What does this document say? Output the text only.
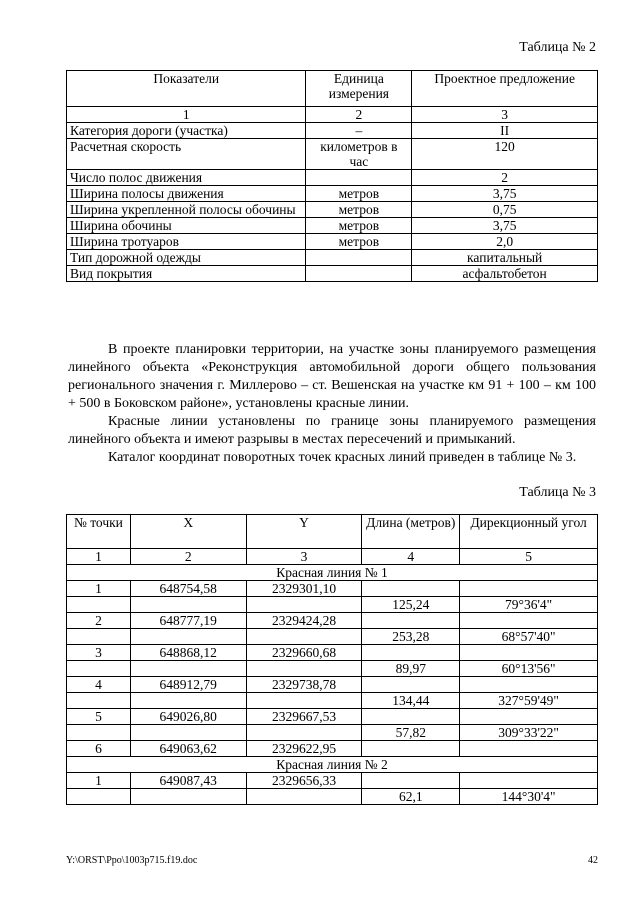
Таблица № 2
Показатели	Единица измерения	Проектное предложение
1	2	3
Категория дороги (участка)	–	II
Расчетная скорость	километров в час	120
Число полос движения		2
Ширина полосы движения	метров	3,75
Ширина укрепленной полосы обочины	метров	0,75
Ширина обочины	метров	3,75
Ширина тротуаров	метров	2,0
Тип дорожной одежды		капитальный
Вид покрытия		асфальтобетон
В проекте планировки территории, на участке зоны планируемого размещения линейного объекта «Реконструкция автомобильной дороги общего пользования регионального значения г. Миллерово – ст. Вешенская на участке км 91 + 100 – км 100 + 500 в Боковском районе», установлены красные линии.
Красные линии установлены по границе зоны планируемого размещения линейного объекта и имеют разрывы в местах пересечений и примыканий.
Каталог координат поворотных точек красных линий приведен в таблице № 3.
Таблица № 3
№ точки	X	Y	Длина (метров)	Дирекционный угол
1	2	3	4	5
Красная линия № 1				
1	648754,58	2329301,10		
			125,24	79°36'4"
2	648777,19	2329424,28		
			253,28	68°57'40"
3	648868,12	2329660,68		
			89,97	60°13'56"
4	648912,79	2329738,78		
			134,44	327°59'49"
5	649026,80	2329667,53		
			57,82	309°33'22"
6	649063,62	2329622,95		
Красная линия № 2				
1	649087,43	2329656,33		
			62,1	144°30'4"
Y:\ORST\Ppo\1003p715.f19.doc	42
